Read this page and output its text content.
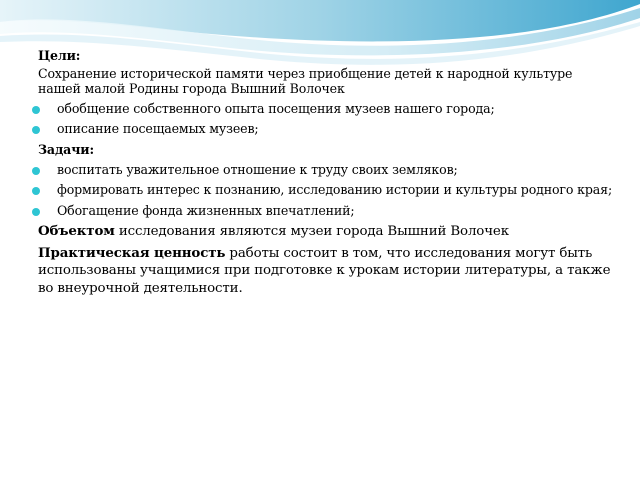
Цели:
Сохранение исторической памяти через приобщение детей к народной культуре нашей малой Родины города Вышний Волочек
обобщение собственного опыта посещения музеев нашего города;
описание посещаемых музеев;
Задачи:
воспитать уважительное отношение к труду своих земляков;
формировать интерес к познанию, исследованию истории и культуры родного края;
Обогащение фонда жизненных впечатлений;
Объектом исследования являются музеи города Вышний Волочек
Практическая ценность работы состоит в том, что исследования могут быть использованы учащимися при подготовке к урокам истории литературы, а также во внеурочной деятельности.
